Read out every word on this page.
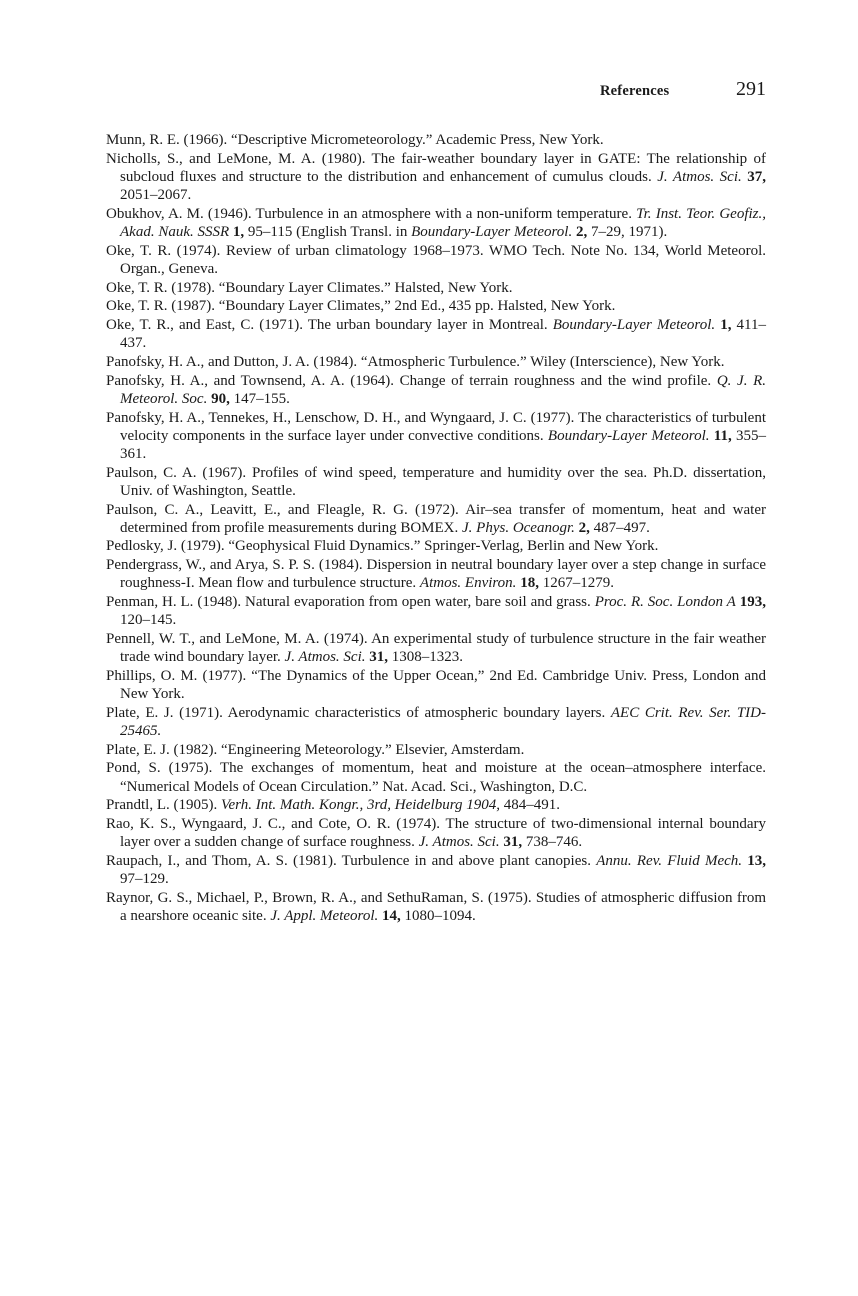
References	291

Munn, R. E. (1966). “Descriptive Micrometeorology.” Academic Press, New York.

Nicholls, S., and LeMone, M. A. (1980). The fair-weather boundary layer in GATE: The relationship of subcloud fluxes and structure to the distribution and enhancement of cumulus clouds. J. Atmos. Sci. 37, 2051–2067.

Obukhov, A. M. (1946). Turbulence in an atmosphere with a non-uniform temperature. Tr. Inst. Teor. Geofiz., Akad. Nauk. SSSR 1, 95–115 (English Transl. in Boundary-Layer Meteorol. 2, 7–29, 1971).

Oke, T. R. (1974). Review of urban climatology 1968–1973. WMO Tech. Note No. 134, World Meteorol. Organ., Geneva.

Oke, T. R. (1978). “Boundary Layer Climates.” Halsted, New York.

Oke, T. R. (1987). “Boundary Layer Climates,” 2nd Ed., 435 pp. Halsted, New York.

Oke, T. R., and East, C. (1971). The urban boundary layer in Montreal. Boundary-Layer Meteorol. 1, 411–437.

Panofsky, H. A., and Dutton, J. A. (1984). “Atmospheric Turbulence.” Wiley (Interscience), New York.

Panofsky, H. A., and Townsend, A. A. (1964). Change of terrain roughness and the wind profile. Q. J. R. Meteorol. Soc. 90, 147–155.

Panofsky, H. A., Tennekes, H., Lenschow, D. H., and Wyngaard, J. C. (1977). The characteristics of turbulent velocity components in the surface layer under convective conditions. Boundary-Layer Meteorol. 11, 355–361.

Paulson, C. A. (1967). Profiles of wind speed, temperature and humidity over the sea. Ph.D. dissertation, Univ. of Washington, Seattle.

Paulson, C. A., Leavitt, E., and Fleagle, R. G. (1972). Air–sea transfer of momentum, heat and water determined from profile measurements during BOMEX. J. Phys. Oceanogr. 2, 487–497.

Pedlosky, J. (1979). “Geophysical Fluid Dynamics.” Springer-Verlag, Berlin and New York.

Pendergrass, W., and Arya, S. P. S. (1984). Dispersion in neutral boundary layer over a step change in surface roughness-I. Mean flow and turbulence structure. Atmos. Environ. 18, 1267–1279.

Penman, H. L. (1948). Natural evaporation from open water, bare soil and grass. Proc. R. Soc. London A 193, 120–145.

Pennell, W. T., and LeMone, M. A. (1974). An experimental study of turbulence structure in the fair weather trade wind boundary layer. J. Atmos. Sci. 31, 1308–1323.

Phillips, O. M. (1977). “The Dynamics of the Upper Ocean,” 2nd Ed. Cambridge Univ. Press, London and New York.

Plate, E. J. (1971). Aerodynamic characteristics of atmospheric boundary layers. AEC Crit. Rev. Ser. TID-25465.

Plate, E. J. (1982). “Engineering Meteorology.” Elsevier, Amsterdam.

Pond, S. (1975). The exchanges of momentum, heat and moisture at the ocean–atmosphere interface. “Numerical Models of Ocean Circulation.” Nat. Acad. Sci., Washington, D.C.

Prandtl, L. (1905). Verh. Int. Math. Kongr., 3rd, Heidelburg 1904, 484–491.

Rao, K. S., Wyngaard, J. C., and Cote, O. R. (1974). The structure of two-dimensional internal boundary layer over a sudden change of surface roughness. J. Atmos. Sci. 31, 738–746.

Raupach, I., and Thom, A. S. (1981). Turbulence in and above plant canopies. Annu. Rev. Fluid Mech. 13, 97–129.

Raynor, G. S., Michael, P., Brown, R. A., and SethuRaman, S. (1975). Studies of atmospheric diffusion from a nearshore oceanic site. J. Appl. Meteorol. 14, 1080–1094.
